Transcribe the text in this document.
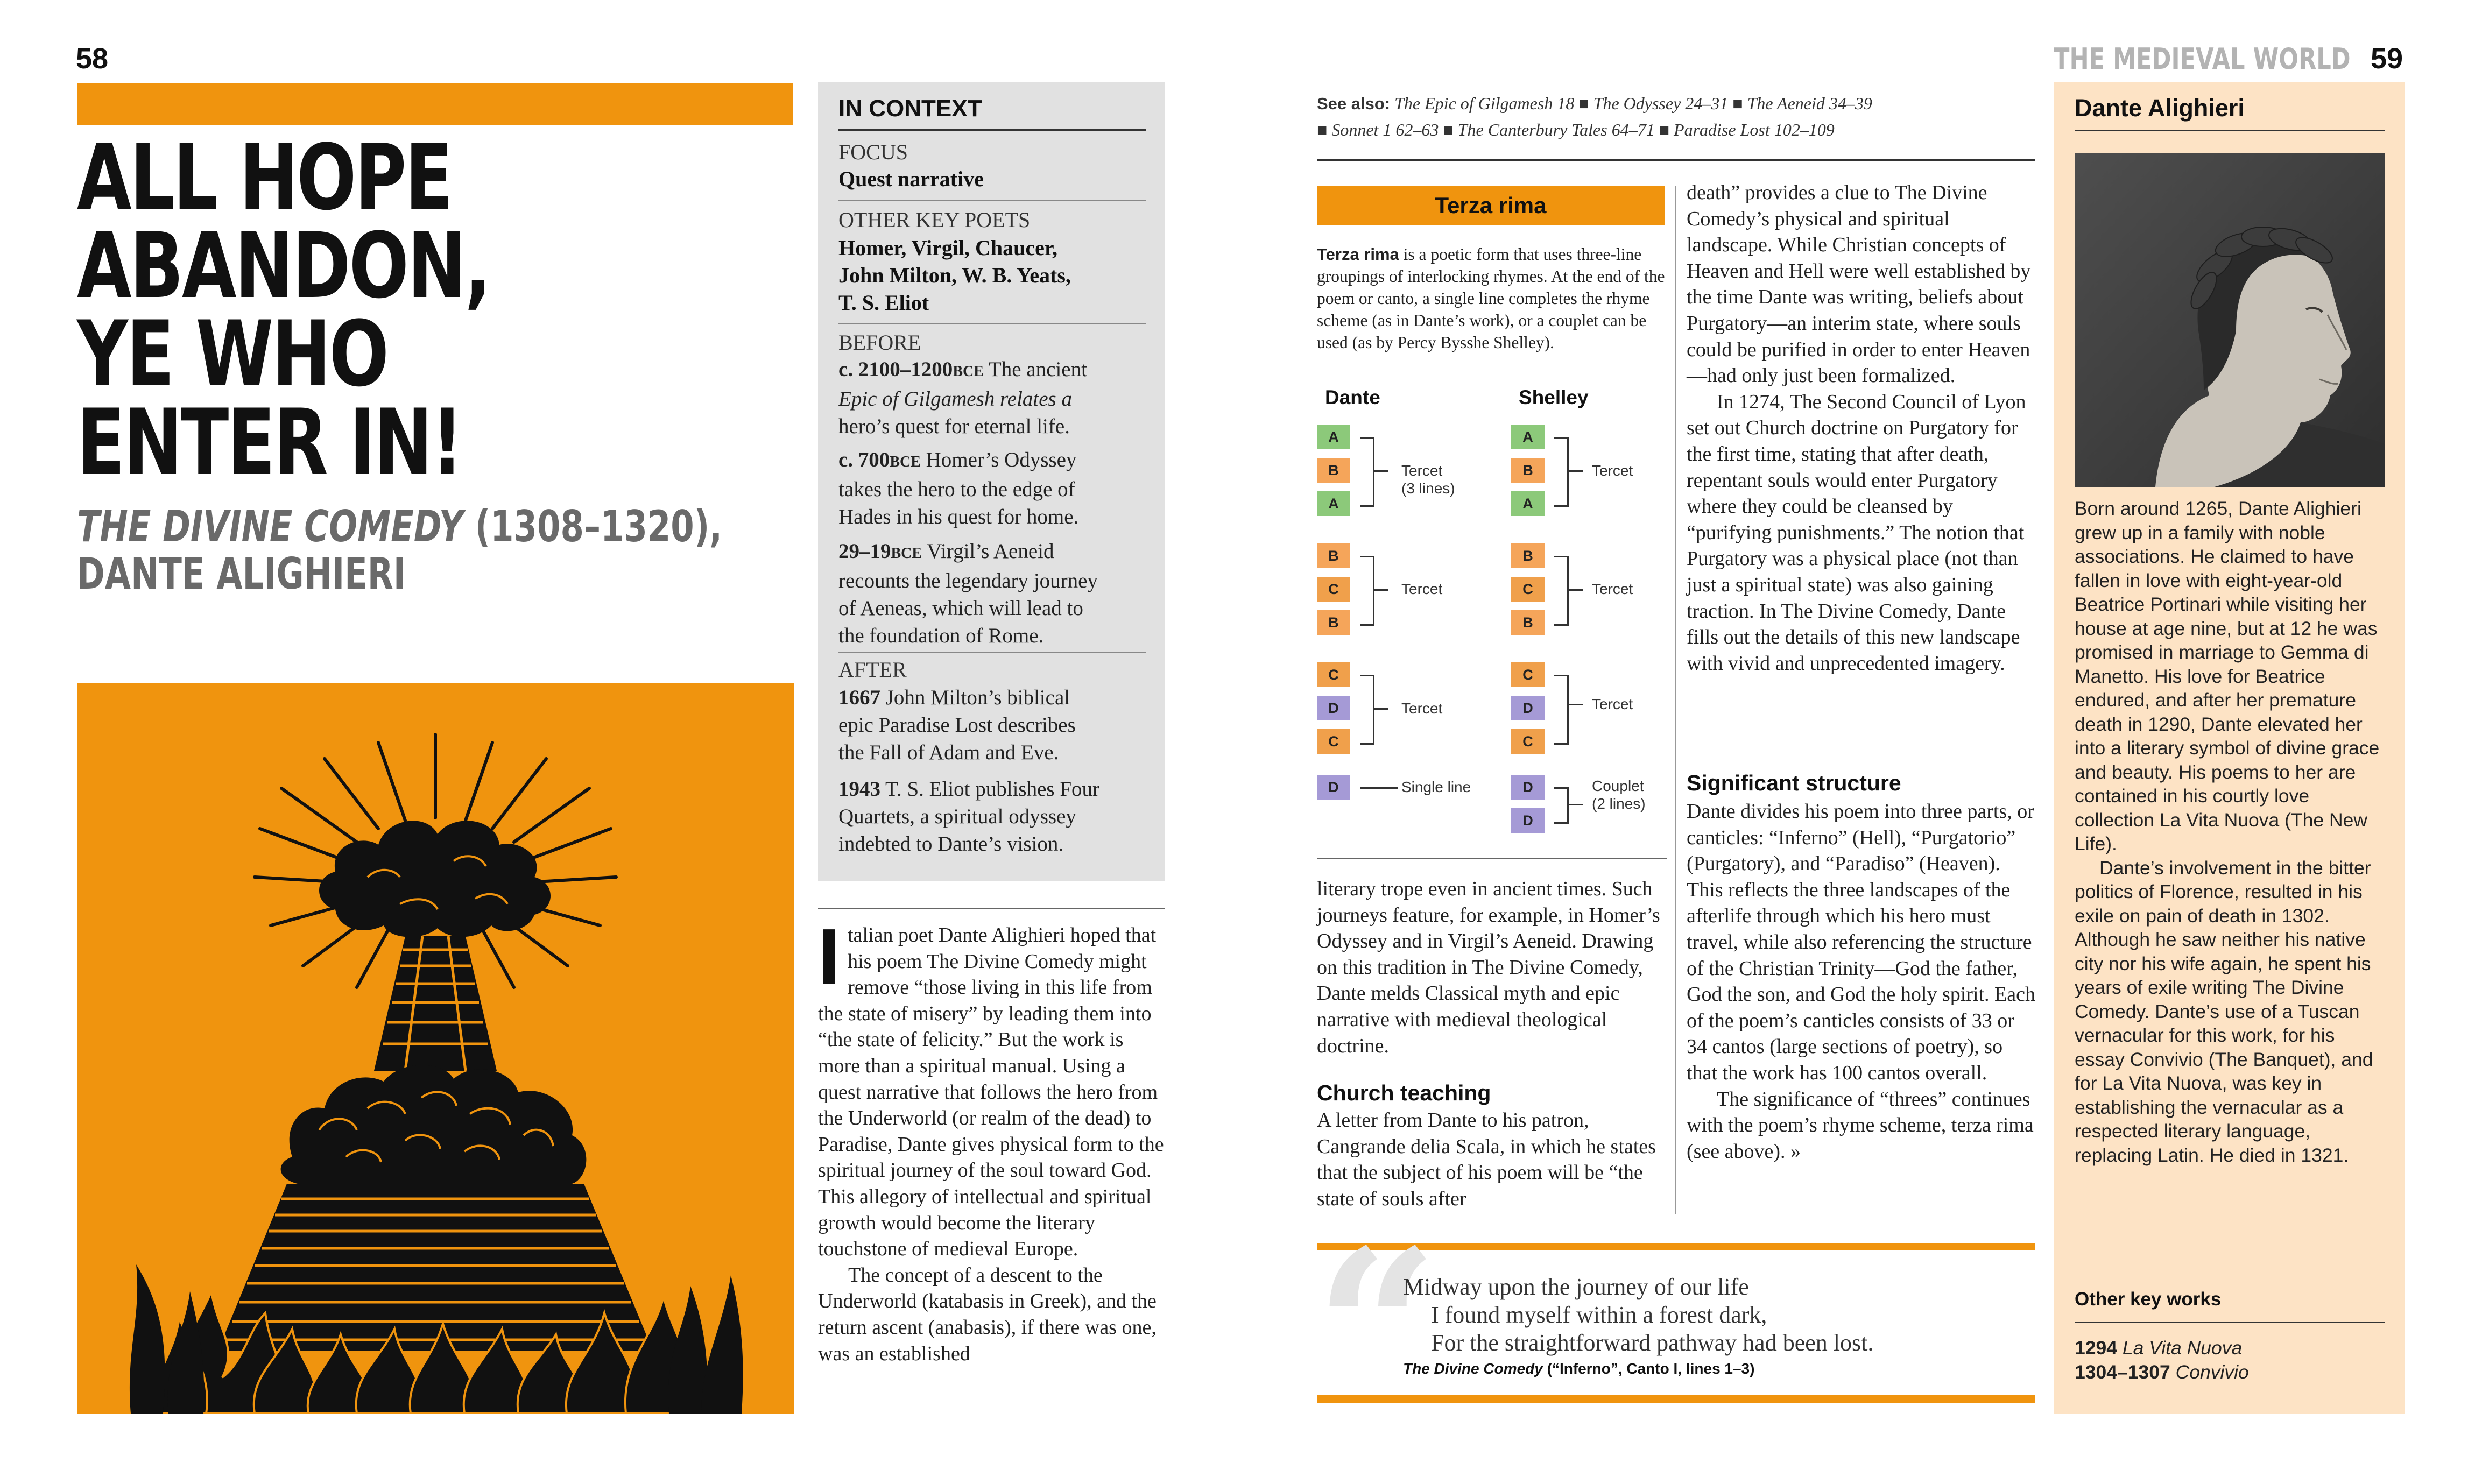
58
ALL HOPE
ABANDON,
YE WHO
ENTER IN!
THE DIVINE COMEDY (1308–1320),
DANTE ALIGHIERI
IN CONTEXT
FOCUS
Quest narrative
OTHER KEY POETS
Homer, Virgil, Chaucer,
John Milton, W. B. Yeats,
T. S. Eliot
BEFORE
c. 2100–1200BCE The ancient
Epic of Gilgamesh relates a
hero’s quest for eternal life.
c. 700BCE Homer’s Odyssey
takes the hero to the edge of
Hades in his quest for home.
29–19BCE Virgil’s Aeneid
recounts the legendary journey
of Aeneas, which will lead to
the foundation of Rome.
AFTER
1667 John Milton’s biblical
epic Paradise Lost describes
the Fall of Adam and Eve.
1943 T. S. Eliot publishes Four
Quartets, a spiritual odyssey
indebted to Dante’s vision.
I talian poet Dante Alighieri hoped that his poem The Divine Comedy might remove “those living in this life from the state of misery” by leading them into “the state of felicity.” But the work is more than a spiritual manual. Using a quest narrative that follows the hero from the Underworld (or realm of the dead) to Paradise, Dante gives physical form to the spiritual journey of the soul toward God. This allegory of intellectual and spiritual growth would become the literary touchstone of medieval Europe.

The concept of a descent to the Underworld (katabasis in Greek), and the return ascent (anabasis), if there was one, was an established

THE MEDIEVAL WORLD 59
See also: The Epic of Gilgamesh 18 ■ The Odyssey 24–31 ■ The Aeneid 34–39
■ Sonnet 1 62–63 ■ The Canterbury Tales 64–71 ■ Paradise Lost 102–109
Terza rima
Terza rima is a poetic form that uses three-line groupings of interlocking rhymes. At the end of the poem or canto, a single line completes the rhyme scheme (as in Dante’s work), or a couplet can be used (as by Percy Bysshe Shelley).
Dante	Shelley
A
B
A
B
C
B
C
D
C
D
Tercet
(3 lines)
Tercet
Tercet
Single line
A
B
A
B
C
B
C
D
C
D
D
Tercet
Tercet
Tercet
Couplet
(2 lines)

literary trope even in ancient times. Such journeys feature, for example, in Homer’s Odyssey and in Virgil’s Aeneid. Drawing on this tradition in The Divine Comedy, Dante melds Classical myth and epic narrative with medieval theological doctrine.

Church teaching

A letter from Dante to his patron, Cangrande delia Scala, in which he states that the subject of his poem will be “the state of souls after

death” provides a clue to The Divine Comedy’s physical and spiritual landscape. While Christian concepts of Heaven and Hell were well established by the time Dante was writing, beliefs about Purgatory—an interim state, where souls could be purified in order to enter Heaven—had only just been formalized.

In 1274, The Second Council of Lyon set out Church doctrine on Purgatory for the first time, stating that after death, repentant souls would enter Purgatory where they could be cleansed by “purifying punishments.” The notion that Purgatory was a physical place (not than just a spiritual state) was also gaining traction. In The Divine Comedy, Dante fills out the details of this new landscape with vivid and unprecedented imagery.

Significant structure

Dante divides his poem into three parts, or canticles: “Inferno” (Hell), “Purgatorio” (Purgatory), and “Paradiso” (Heaven). This reflects the three landscapes of the afterlife through which his hero must travel, while also referencing the structure of the Christian Trinity—God the father, God the son, and God the holy spirit. Each of the poem’s canticles consists of 33 or 34 cantos (large sections of poetry), so that the work has 100 cantos overall.

The significance of “threes” continues with the poem’s rhyme scheme, terza rima (see above). »

“
Midway upon the journey of our life
I found myself within a forest dark,
For the straightforward pathway had been lost.
The Divine Comedy (“Inferno”, Canto I, lines 1–3)
Dante Alighieri

Born around 1265, Dante Alighieri grew up in a family with noble associations. He claimed to have fallen in love with eight-year-old Beatrice Portinari while visiting her house at age nine, but at 12 he was promised in marriage to Gemma di Manetto. His love for Beatrice endured, and after her premature death in 1290, Dante elevated her into a literary symbol of divine grace and beauty. His poems to her are contained in his courtly love collection La Vita Nuova (The New Life).

Dante’s involvement in the bitter politics of Florence, resulted in his exile on pain of death in 1302. Although he saw neither his native city nor his wife again, he spent his years of exile writing The Divine Comedy. Dante’s use of a Tuscan vernacular for this work, for his essay Convivio (The Banquet), and for La Vita Nuova, was key in establishing the vernacular as a respected literary language, replacing Latin. He died in 1321.

Other key works
1294 La Vita Nuova
1304–1307 Convivio
